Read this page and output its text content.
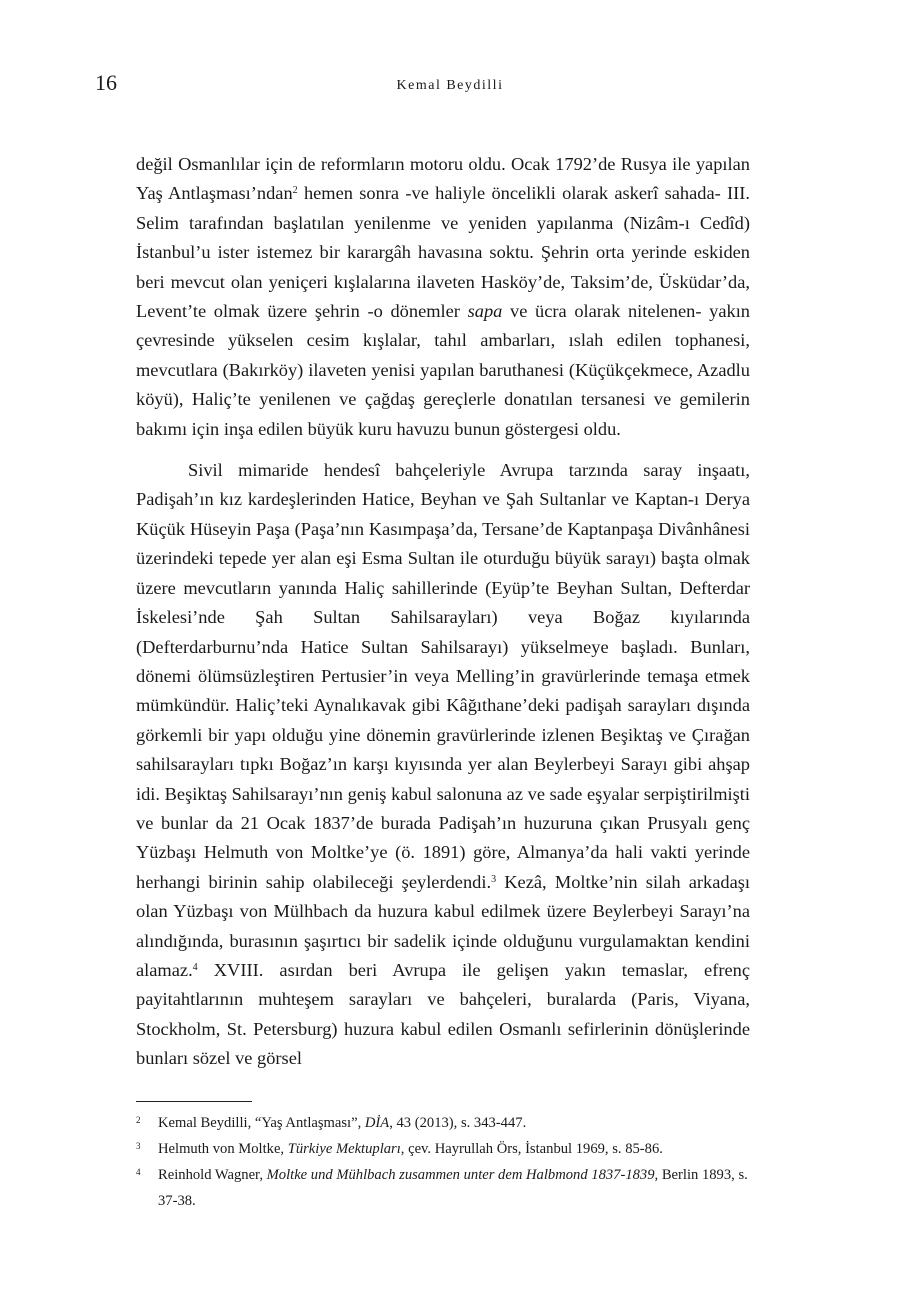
16	Kemal Beydilli

değil Osmanlılar için de reformların motoru oldu. Ocak 1792’de Rusya ile yapılan Yaş Antlaşması’ndan$^2$ hemen sonra -ve haliyle öncelikli olarak askerî sahada- III. Selim tarafından başlatılan yenilenme ve yeniden yapılanma (Nizâm-ı Cedîd) İstanbul’u ister istemez bir karargâh havasına soktu. Şehrin orta yerinde eskiden beri mevcut olan yeniçeri kışlalarına ilaveten Hasköy’de, Taksim’de, Üsküdar’da, Levent’te olmak üzere şehrin -o dönemler sapa ve ücra olarak nitelenen- yakın çevresinde yükselen cesim kışlalar, tahıl ambarları, ıslah edilen tophanesi, mevcutlara (Bakırköy) ilaveten yenisi yapılan baruthanesi (Küçükçekmece, Azadlu köyü), Haliç’te yenilenen ve çağdaş gereçlerle donatılan tersanesi ve gemilerin bakımı için inşa edilen büyük kuru havuzu bunun göstergesi oldu.

Sivil mimaride hendesî bahçeleriyle Avrupa tarzında saray inşaatı, Padişah’ın kız kardeşlerinden Hatice, Beyhan ve Şah Sultanlar ve Kaptan-ı Derya Küçük Hüseyin Paşa (Paşa’nın Kasımpaşa’da, Tersane’de Kaptanpaşa Divânhânesi üzerindeki tepede yer alan eşi Esma Sultan ile oturduğu büyük sarayı) başta olmak üzere mevcutların yanında Haliç sahillerinde (Eyüp’te Beyhan Sultan, Defterdar İskelesi’nde Şah Sultan Sahilsarayları) veya Boğaz kıyılarında (Defterdarburnu’nda Hatice Sultan Sahilsarayı) yükselmeye başladı. Bunları, dönemi ölümsüzleştiren Pertusier’in veya Melling’in gravürlerinde temaşa etmek mümkündür. Haliç’teki Aynalıkavak gibi Kâğıthane’deki padişah sarayları dışında görkemli bir yapı olduğu yine dönemin gravürlerinde izlenen Beşiktaş ve Çırağan sahilsarayları tıpkı Boğaz’ın karşı kıyısında yer alan Beylerbeyi Sarayı gibi ahşap idi. Beşiktaş Sahilsarayı’nın geniş kabul salonuna az ve sade eşyalar serpiştirilmişti ve bunlar da 21 Ocak 1837’de burada Padişah’ın huzuruna çıkan Prusyalı genç Yüzbaşı Helmuth von Moltke’ye (ö. 1891) göre, Almanya’da hali vakti yerinde herhangi birinin sahip olabileceği şeylerdendi.$^3$ Kezâ, Moltke’nin silah arkadaşı olan Yüzbaşı von Mülhbach da huzura kabul edilmek üzere Beylerbeyi Sarayı’na alındığında, burasının şaşırtıcı bir sadelik içinde olduğunu vurgulamaktan kendini alamaz.$^4$ XVIII. asırdan beri Avrupa ile gelişen yakın temaslar, efrenç payitahtlarının muhteşem sarayları ve bahçeleri, buralarda (Paris, Viyana, Stockholm, St. Petersburg) huzura kabul edilen Osmanlı sefirlerinin dönüşlerinde bunları sözel ve görsel

2 Kemal Beydilli, “Yaş Antlaşması”, DİA, 43 (2013), s. 343-447.
3 Helmuth von Moltke, Türkiye Mektupları, çev. Hayrullah Örs, İstanbul 1969, s. 85-86.
4 Reinhold Wagner, Moltke und Mühlbach zusammen unter dem Halbmond 1837-1839, Berlin 1893, s. 37-38.
